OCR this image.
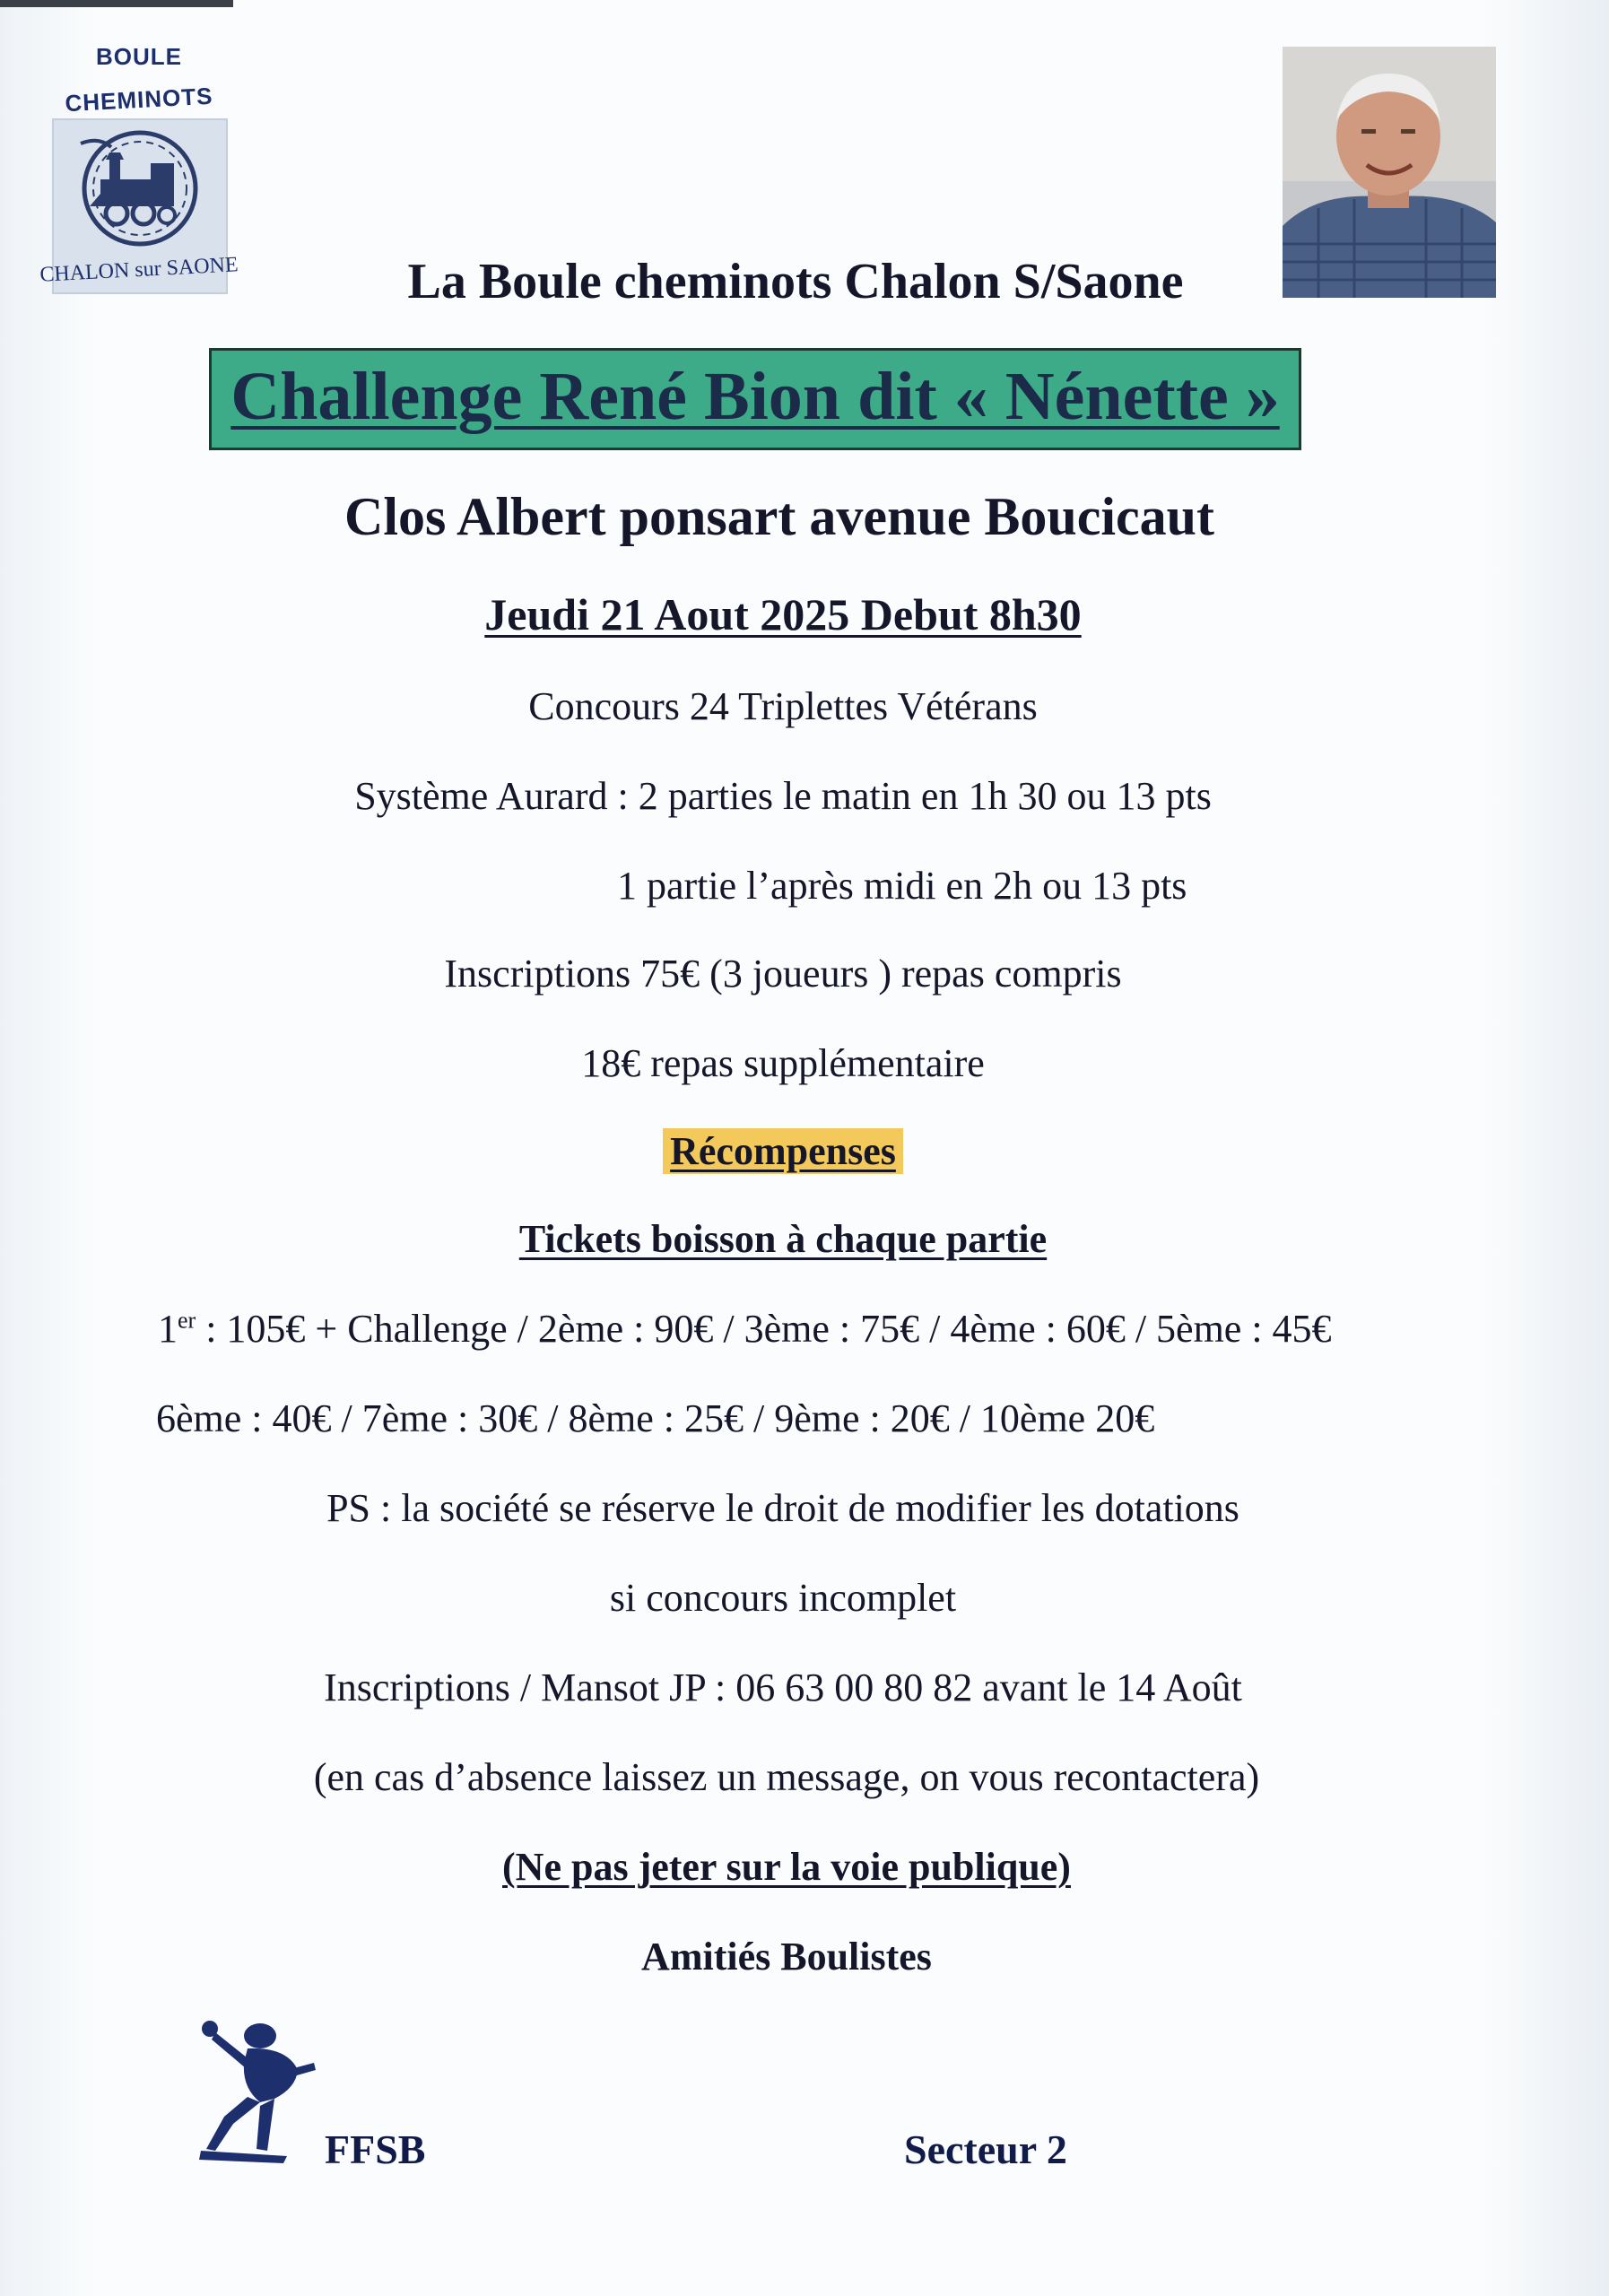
BOULE
CHEMINOTS
CHALON sur SAONE	La Boule cheminots Chalon S/Saone
Challenge René Bion dit « Nénette »
Clos Albert ponsart avenue Boucicaut
Jeudi 21 Aout 2025 Debut 8h30
Concours 24 Triplettes Vétérans
Système Aurard : 2 parties le matin en 1h 30 ou 13 pts
1 partie l’après midi en 2h ou 13 pts
Inscriptions 75€ (3 joueurs ) repas compris
18€ repas supplémentaire
Récompenses
Tickets boisson à chaque partie
1er : 105€ + Challenge / 2ème : 90€ / 3ème : 75€ / 4ème : 60€ / 5ème : 45€
6ème : 40€ / 7ème : 30€ / 8ème : 25€ / 9ème : 20€ / 10ème 20€
PS : la société se réserve le droit de modifier les dotations
si concours incomplet
Inscriptions / Mansot JP : 06 63 00 80 82 avant le 14 Août
(en cas d’absence laissez un message, on vous recontactera)
(Ne pas jeter sur la voie publique)
Amitiés Boulistes
FFSB	Secteur 2
